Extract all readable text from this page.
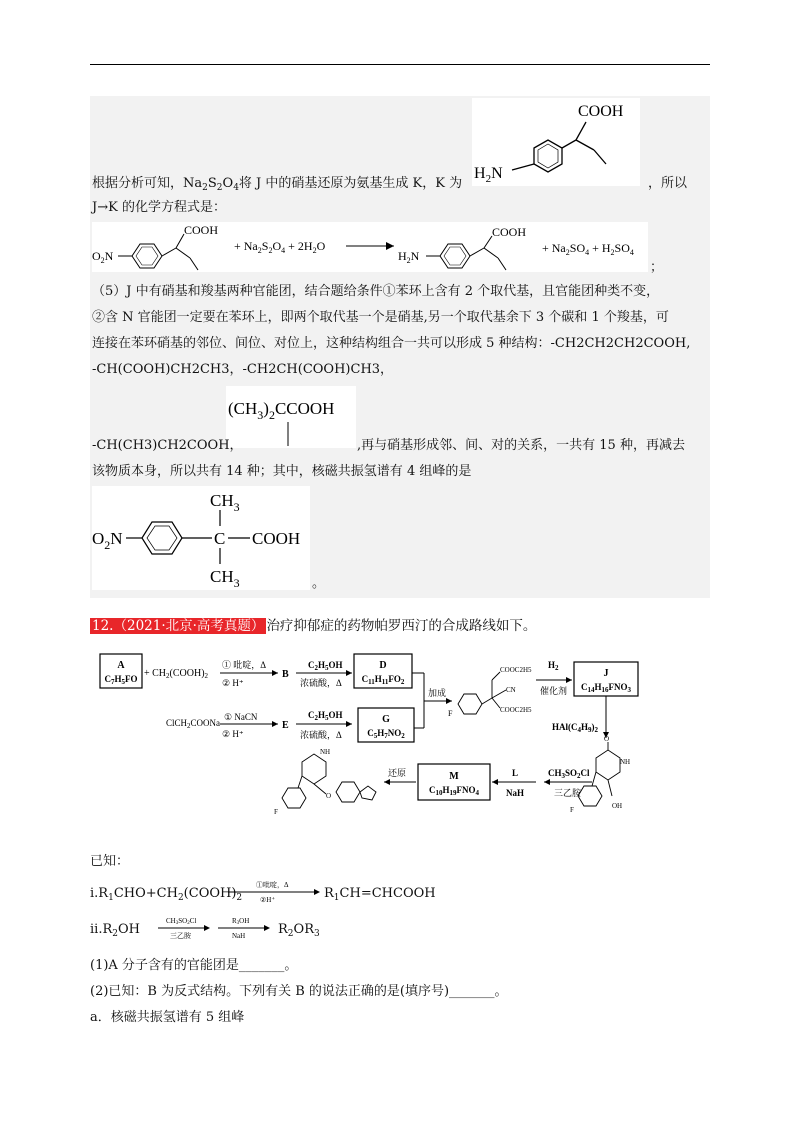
COOH
$H_2N$
根据分析可知，$Na_2S_2O_4$将 J 中的硝基还原为氨基生成 K，K 为	，所以
J→K 的化学方程式是：
$O_2N$
COOH
+ $Na_2S_2O_4 + 2H_2O$
$H_2N$
COOH
+ $Na_2SO_4 + H_2SO_4$
；
（5）J 中有硝基和羧基两种官能团，结合题给条件①苯环上含有 2 个取代基，且官能团种类不变，
②含 N 官能团一定要在苯环上，即两个取代基一个是硝基,另一个取代基余下 3 个碳和 1 个羧基，可
连接在苯环硝基的邻位、间位、对位上，这种结构组合一共可以形成 5 种结构：-CH2CH2CH2COOH,
-CH(COOH)CH2CH3，-CH2CH(COOH)CH3，
$(CH_3)_2CCOOH$
-CH(CH3)CH2COOH，	,再与硝基形成邻、间、对的关系，一共有 15 种，再减去
该物质本身，所以共有 14 种；其中，核磁共振氢谱有 4 组峰的是
$O_2N$	C COOH
$CH_3$
$CH_3$	。
12.（2021·北京·高考真题） 治疗抑郁症的药物帕罗西汀的合成路线如下。
A
$C_7H_5FO$ + $CH_2(COOH)_2$
① 吡啶，Δ
② H⁺
B
$C_2H_5OH$
浓硫酸，Δ
D
$C_{11}H_{11}FO_2$
加成
F
COOC2H5
CN
COOC2H5
$H_2$
催化剂
J
$C_{14}H_{16}FNO_3$
$HAl(C_4H_9)_2$
ClCH$_2$COONa
① NaCN
② H⁺
E
$C_2H_5OH$
浓硫酸，Δ
G
$C_5H_7NO_2$	O
NH
F	OH
$CH_3SO_2Cl$
三乙胺
L
NaH
M
$C_{10}H_{19}FNO_4$
还原
NH
F
O
已知：
$i.R_1CHO+CH_2(COOH)_2$
①吡啶，Δ
②H⁺	$R_1CH=CHCOOH$
$ii.R_2OH$
CH3SO2Cl
三乙胺
R3OH
NaH	$R_2OR_3$
(1)A 分子含有的官能团是_______。
(2)已知：B 为反式结构。下列有关 B 的说法正确的是(填序号)_______。
a．核磁共振氢谱有 5 组峰
